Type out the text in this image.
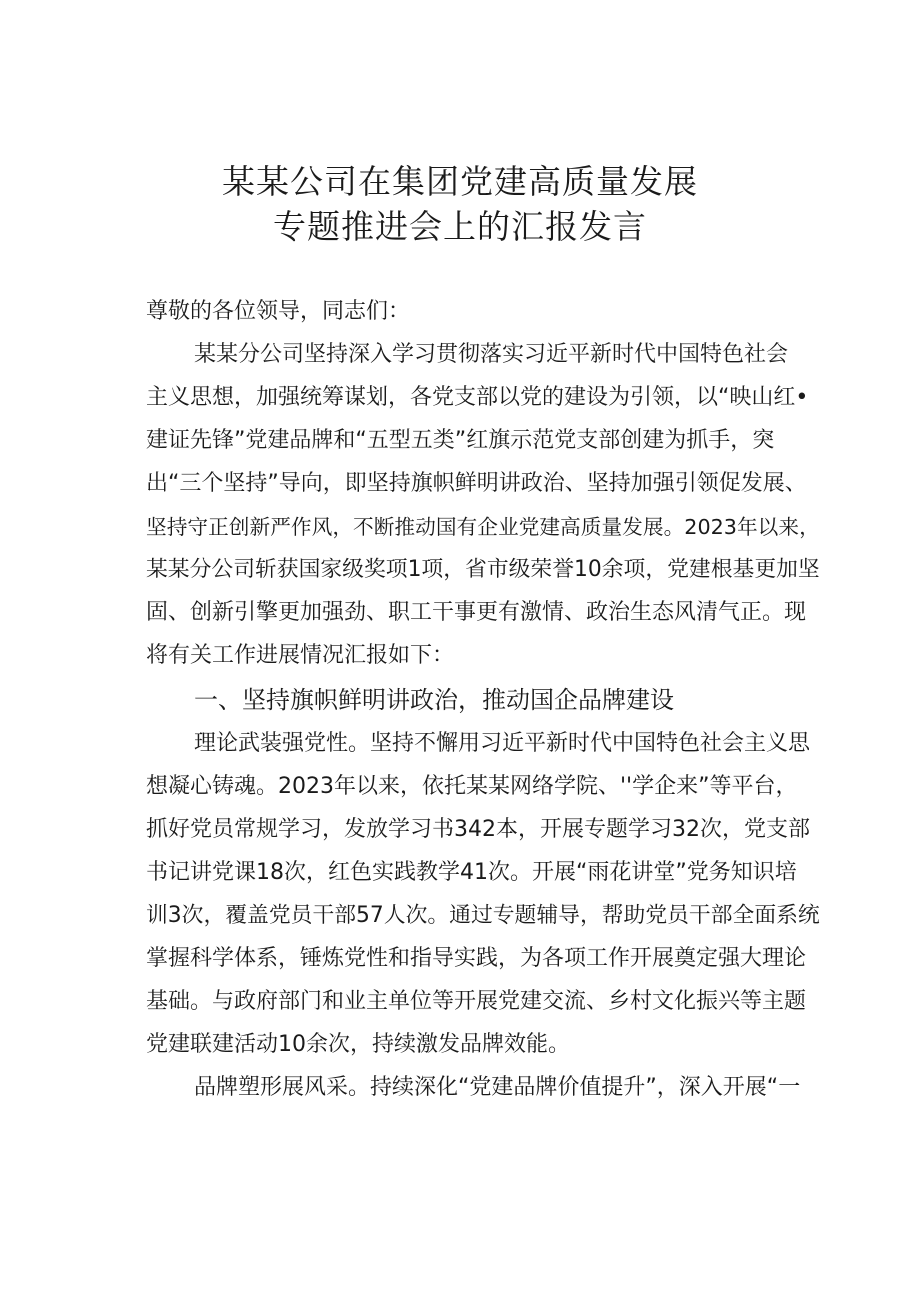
某某公司在集团党建高质量发展
专题推进会上的汇报发言
尊敬的各位领导，同志们：
某某分公司坚持深入学习贯彻落实习近平新时代中国特色社会
主义思想，加强统筹谋划，各党支部以党的建设为引领，以“映山红•
建证先锋”党建品牌和“五型五类”红旗示范党支部创建为抓手，突
出“三个坚持”导向，即坚持旗帜鲜明讲政治、坚持加强引领促发展、
坚持守正创新严作风，不断推动国有企业党建高质量发展。2023年以来，
某某分公司斩获国家级奖项1项，省市级荣誉10余项，党建根基更加坚
固、创新引擎更加强劲、职工干事更有激情、政治生态风清气正。现
将有关工作进展情况汇报如下：
一、坚持旗帜鲜明讲政治，推动国企品牌建设
理论武装强党性。坚持不懈用习近平新时代中国特色社会主义思
想凝心铸魂。2023年以来，依托某某网络学院、''学企来”等平台，
抓好党员常规学习，发放学习书342本，开展专题学习32次，党支部
书记讲党课18次，红色实践教学41次。开展“雨花讲堂”党务知识培
训3次，覆盖党员干部57人次。通过专题辅导，帮助党员干部全面系统
掌握科学体系，锤炼党性和指导实践，为各项工作开展奠定强大理论
基础。与政府部门和业主单位等开展党建交流、乡村文化振兴等主题
党建联建活动10余次，持续激发品牌效能。
品牌塑形展风采。持续深化“党建品牌价值提升”，深入开展“一
